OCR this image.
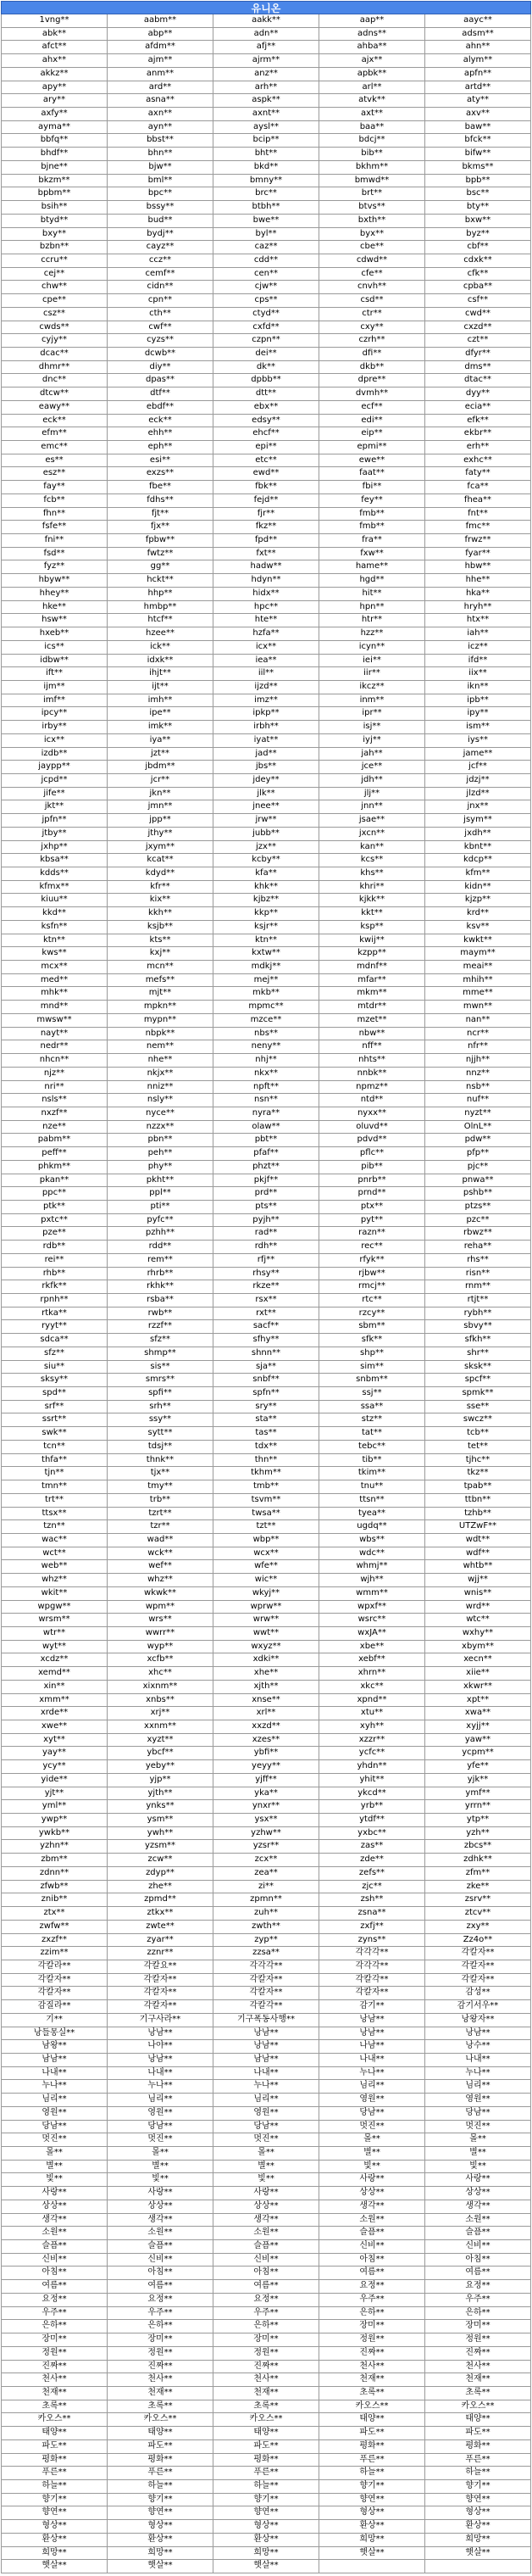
유니온
1vng**	aabm**	aakk**	aap**	aayc**
abk**	abp**	adn**	adns**	adsm**
afct**	afdm**	afj**	ahba**	ahn**
ahx**	ajm**	ajrm**	ajx**	alym**
akkz**	anm**	anz**	apbk**	apfn**
apy**	ard**	arh**	arl**	artd**
ary**	asna**	aspk**	atvk**	aty**
axfy**	axn**	axnt**	axt**	axv**
ayma**	ayn**	aysl**	baa**	baw**
bbfq**	bbst**	bcip**	bdcj**	bfck**
bhdf**	bhn**	bht**	bib**	bifw**
bjne**	bjw**	bkd**	bkhm**	bkms**
bkzm**	bml**	bmny**	bmwd**	bpb**
bpbm**	bpc**	brc**	brt**	bsc**
bsih**	bssy**	btbh**	btvs**	bty**
btyd**	bud**	bwe**	bxth**	bxw**
bxy**	bydj**	byl**	byx**	byz**
bzbn**	cayz**	caz**	cbe**	cbf**
ccru**	ccz**	cdd**	cdwd**	cdxk**
cej**	cemf**	cen**	cfe**	cfk**
chw**	cidn**	cjw**	cnvh**	cpba**
cpe**	cpn**	cps**	csd**	csf**
csz**	cth**	ctyd**	ctr**	cwd**
cwds**	cwf**	cxfd**	cxy**	cxzd**
cyjy**	cyzs**	czpn**	czrh**	czt**
dcac**	dcwb**	dei**	dfi**	dfyr**
dhmr**	diy**	dk**	dkb**	dms**
dnc**	dpas**	dpbb**	dpre**	dtac**
dtcw**	dtf**	dtt**	dvmh**	dyy**
eawy**	ebdf**	ebx**	ecf**	ecia**
eck**	eck**	edsy**	edi**	efk**
efm**	ehh**	ehcf**	eip**	ekbr**
emc**	eph**	epi**	epmi**	erh**
es**	esi**	etc**	ewe**	exhc**
esz**	exzs**	ewd**	faat**	faty**
fay**	fbe**	fbk**	fbi**	fca**
fcb**	fdhs**	fejd**	fey**	fhea**
fhn**	fjt**	fjr**	fmb**	fnt**
fsfe**	fjx**	fkz**	fmb**	fmc**
fni**	fpbw**	fpd**	fra**	frwz**
fsd**	fwtz**	fxt**	fxw**	fyar**
fyz**	gg**	hadw**	hame**	hbw**
hbyw**	hckt**	hdyn**	hgd**	hhe**
hhey**	hhp**	hidx**	hit**	hka**
hke**	hmbp**	hpc**	hpn**	hryh**
hsw**	htcf**	hte**	htr**	htx**
hxeb**	hzee**	hzfa**	hzz**	iah**
ics**	ick**	icx**	icyn**	icz**
idbw**	idxk**	iea**	iei**	ifd**
ift**	ihjt**	iil**	iir**	iix**
ijm**	ijt**	ijzd**	ikcz**	ikn**
imf**	imh**	imz**	inm**	ipb**
ipcy**	ipe**	ipkp**	ipr**	ipy**
irby**	imk**	irbh**	isj**	ism**
icx**	iya**	iyat**	iyj**	iys**
izdb**	jzt**	jad**	jah**	jame**
jaypp**	jbdm**	jbs**	jce**	jcf**
jcpd**	jcr**	jdey**	jdh**	jdzj**
jife**	jkn**	jlk**	jlj**	jlzd**
jkt**	jmn**	jnee**	jnn**	jnx**
jpfn**	jpp**	jrw**	jsae**	jsym**
jtby**	jthy**	jubb**	jxcn**	jxdh**
jxhp**	jxym**	jzx**	kan**	kbnt**
kbsa**	kcat**	kcby**	kcs**	kdcp**
kdds**	kdyd**	kfa**	khs**	kfm**
kfmx**	kfr**	khk**	khri**	kidn**
kiuu**	kix**	kjbz**	kjkk**	kjzp**
kkd**	kkh**	kkp**	kkt**	krd**
ksfn**	ksjb**	ksjr**	ksp**	ksv**
ktn**	kts**	ktn**	kwij**	kwkt**
kws**	kxj**	kxtw**	kzpp**	maym**
mcx**	mcn**	mdkj**	mdnf**	meai**
med**	mefs**	mej**	mfar**	mhih**
mhk**	mjt**	mkb**	mkm**	mme**
mnd**	mpkn**	mpmc**	mtdr**	mwn**
mwsw**	mypn**	mzce**	mzet**	nan**
nayt**	nbpk**	nbs**	nbw**	ncr**
nedr**	nem**	neny**	nff**	nfr**
nhcn**	nhe**	nhj**	nhts**	njjh**
njz**	nkjx**	nkx**	nnbk**	nnz**
nri**	nniz**	npft**	npmz**	nsb**
nsls**	nsly**	nsn**	ntd**	nuf**
nxzf**	nyce**	nyra**	nyxx**	nyzt**
nze**	nzzx**	olaw**	oluvd**	OlnL**
pabm**	pbn**	pbt**	pdvd**	pdw**
peff**	peh**	pfaf**	pflc**	pfp**
phkm**	phy**	phzt**	pib**	pjc**
pkan**	pkht**	pkjf**	pnrb**	pnwa**
ppc**	ppl**	prd**	prnd**	pshb**
ptk**	pti**	pts**	ptx**	ptzs**
pxtc**	pyfc**	pyjh**	pyt**	pzc**
pze**	pzhh**	rad**	razn**	rbwz**
rdb**	rdd**	rdh**	rec**	reha**
rei**	rem**	rfj**	rfyk**	rhs**
rhb**	rhrb**	rhsy**	rjbw**	risn**
rkfk**	rkhk**	rkze**	rmcj**	rnm**
rpnh**	rsba**	rsx**	rtc**	rtjt**
rtka**	rwb**	rxt**	rzcy**	rybh**
ryyt**	rzzf**	sacf**	sbm**	sbvy**
sdca**	sfz**	sfhy**	sfk**	sfkh**
sfz**	shmp**	shnn**	shp**	shr**
siu**	sis**	sja**	sim**	sksk**
sksy**	smrs**	snbf**	snbm**	spcf**
spd**	spfi**	spfn**	ssj**	spmk**
srf**	srh**	sry**	ssa**	sse**
ssrt**	ssy**	sta**	stz**	swcz**
swk**	sytt**	tas**	tat**	tcb**
tcn**	tdsj**	tdx**	tebc**	tet**
thfa**	thnk**	thn**	tib**	tjhc**
tjn**	tjx**	tkhm**	tkim**	tkz**
tmn**	tmy**	tmb**	tnu**	tpab**
trt**	trb**	tsvm**	ttsn**	ttbn**
ttsx**	tzrt**	twsa**	tyea**	tzhb**
tzn**	tzr**	tzt**	ugdq**	UTZwF**
wac**	wad**	wbp**	wbs**	wdt**
wct**	wck**	wcx**	wdc**	wdf**
web**	wef**	wfe**	whmj**	whtb**
whz**	whz**	wic**	wjh**	wjj**
wkit**	wkwk**	wkyj**	wmm**	wnis**
wpgw**	wpm**	wprw**	wpxf**	wrd**
wrsm**	wrs**	wrw**	wsrc**	wtc**
wtr**	wwrr**	wwt**	wxJA**	wxhy**
wyt**	wyp**	wxyz**	xbe**	xbym**
xcdz**	xcfb**	xdki**	xebf**	xecn**
xemd**	xhc**	xhe**	xhrn**	xiie**
xin**	xixnm**	xjth**	xkc**	xkwr**
xmm**	xnbs**	xnse**	xpnd**	xpt**
xrde**	xrj**	xrl**	xtu**	xwa**
xwe**	xxnm**	xxzd**	xyh**	xyjj**
xyt**	xyzt**	xzes**	xzzr**	yaw**
yay**	ybcf**	ybfi**	ycfc**	ycpm**
ycy**	yeby**	yeyy**	yhdn**	yfe**
yide**	yjp**	yjff**	yhit**	yjk**
yjt**	yjth**	yka**	ykcd**	ymf**
yml**	ynks**	ynxr**	yrb**	yrrn**
ywp**	ysm**	ysx**	ytdf**	ytp**
ywkb**	ywh**	yzhw**	yxbc**	yzh**
yzhn**	yzsm**	yzsr**	zas**	zbcs**
zbm**	zcw**	zcx**	zde**	zdhk**
zdnn**	zdyp**	zea**	zefs**	zfm**
zfwb**	zhe**	zi**	zjc**	zke**
znib**	zpmd**	zpmn**	zsh**	zsrv**
ztx**	ztkx**	zuh**	zsna**	ztcv**
zwfw**	zwte**	zwth**	zxfj**	zxy**
zxzf**	zyar**	zyp**	zyns**	Zz4o**
zzim**	zznr**	zzsa**	각각각**	각칼자**
각칼라**	각칼요**	각각각**	각각각**	각칼자**
각칼자**	각칼자**	각칼자**	각칼각**	각칼자**
각칼자**	각칼자**	각칼자**	각칼자**	감성**
감질라**	각칼자**	각칼각**	감기**	감기서우**
기**	기구사라**	기구폭동사행**	낭남**	낭왕자**
낭들몽실**	낭남**	낭남**	낭남**	낭남**
남왕**	나야**	낭남**	나남**	낭수**
남남**	낭남**	남남**	나내**	나내**
나내**	나내**	나내**	누나**	누나**
누나**	누나**	누나**	님리**	님리**
님리**	님리**	님리**	영원**	영원**
영원**	영원**	영원**	당남**	당남**
당남**	당남**	당남**	멋진**	멋진**
멋진**	멋진**	멋진**	몰**	몰**
몰**	몰**	몰**	별**	별**
별**	별**	별**	빛**	빛**
빛**	빛**	빛**	사랑**	사랑**
사랑**	사랑**	사랑**	상상**	상상**
상상**	상상**	상상**	생각**	생각**
생각**	생각**	생각**	소원**	소원**
소원**	소원**	소원**	슬픔**	슬픔**
슬픔**	슬픔**	슬픔**	신비**	신비**
신비**	신비**	신비**	아침**	아침**
아침**	아침**	아침**	여름**	여름**
여름**	여름**	여름**	요정**	요정**
요정**	요정**	요정**	우주**	우주**
우주**	우주**	우주**	은하**	은하**
은하**	은하**	은하**	장미**	장미**
장미**	장미**	장미**	정원**	정원**
정원**	정원**	정원**	진짜**	진짜**
진짜**	진짜**	진짜**	천사**	천사**
천사**	천사**	천사**	천재**	천재**
천재**	천재**	천재**	초록**	초록**
초록**	초록**	초록**	카오스**	카오스**
카오스**	카오스**	카오스**	태양**	태양**
태양**	태양**	태양**	파도**	파도**
파도**	파도**	파도**	평화**	평화**
평화**	평화**	평화**	푸른**	푸른**
푸른**	푸른**	푸른**	하늘**	하늘**
하늘**	하늘**	하늘**	향기**	향기**
향기**	향기**	향기**	향연**	향연**
향연**	향연**	향연**	형상**	형상**
형상**	형상**	형상**	환상**	환상**
환상**	환상**	환상**	희망**	희망**
희망**	희망**	희망**	햇살**	햇살**
햇살**	햇살**	햇살**
